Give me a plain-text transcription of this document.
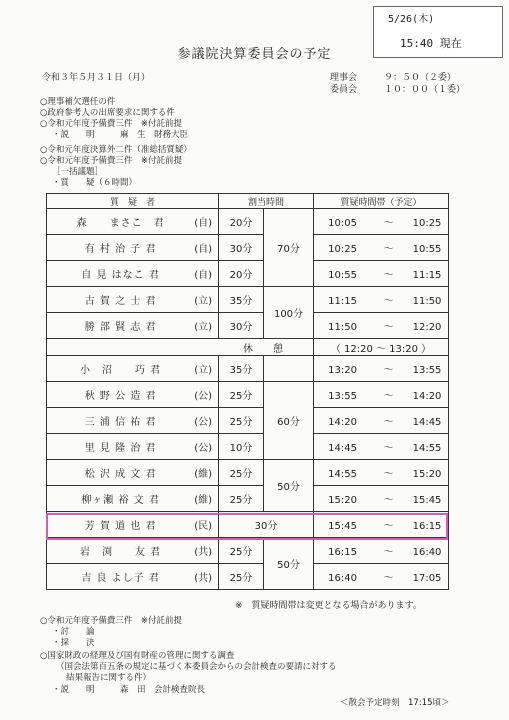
5/26(木)
15:40 現在
参議院決算委員会の予定
令和３年５月３１日（月）	理事会	９：５０（２委）
委員会	１０：００（１委）
○理事補欠選任の件
○政府参考人の出席要求に関する件
○令和元年度予備費三件　※付託前提
・説　　明　　　麻　生　財務大臣
○令和元年度決算外二件（准総括質疑）
○令和元年度予備費三件　※付託前提
［一括議題］
・質　　疑（６時間）
質　疑　者	割当時間		質疑時間帯（予定）
森　　まさこ　君 (自)	20分	70分	10:05 ～ 10:25
有 村 治 子 君 (自)	30分		10:25 ～ 10:55
自 見 はなこ 君 (自)	20分		10:55 ～ 11:15
古 賀 之 士 君 (立)	35分	100分	11:15 ～ 11:50
勝 部 賢 志 君 (立)	30分		11:50 ～ 12:20
休　　憩			（ 12:20 ～ 13:20 ）
小　沼　　巧 君 (立)	35分		13:20 ～ 13:55
秋 野 公 造 君 (公)	25分	60分	13:55 ～ 14:20
三 浦 信 祐 君 (公)	25分		14:20 ～ 14:45
里 見 隆 治 君 (公)	10分		14:45 ～ 14:55
松 沢 成 文 君 (維)	25分	50分	14:55 ～ 15:20
柳ヶ瀬 裕 文 君 (維)	25分		15:20 ～ 15:45
芳 賀 道 也 君 (民)	30分		15:45 ～ 16:15
岩　渕　　友 君 (共)	25分	50分	16:15 ～ 16:40
吉 良 よし子 君 (共)	25分		16:40 ～ 17:05
※　質疑時間帯は変更となる場合があります。
○令和元年度予備費三件　※付託前提
・討　　論
・採　　決
○国家財政の経理及び国有財産の管理に関する調査
（国会法第百五条の規定に基づく本委員会からの会計検査の要請に対する
結果報告に関する件）
・説　　明　　　森　田　会計検査院長
＜散会予定時刻　17:15頃＞
